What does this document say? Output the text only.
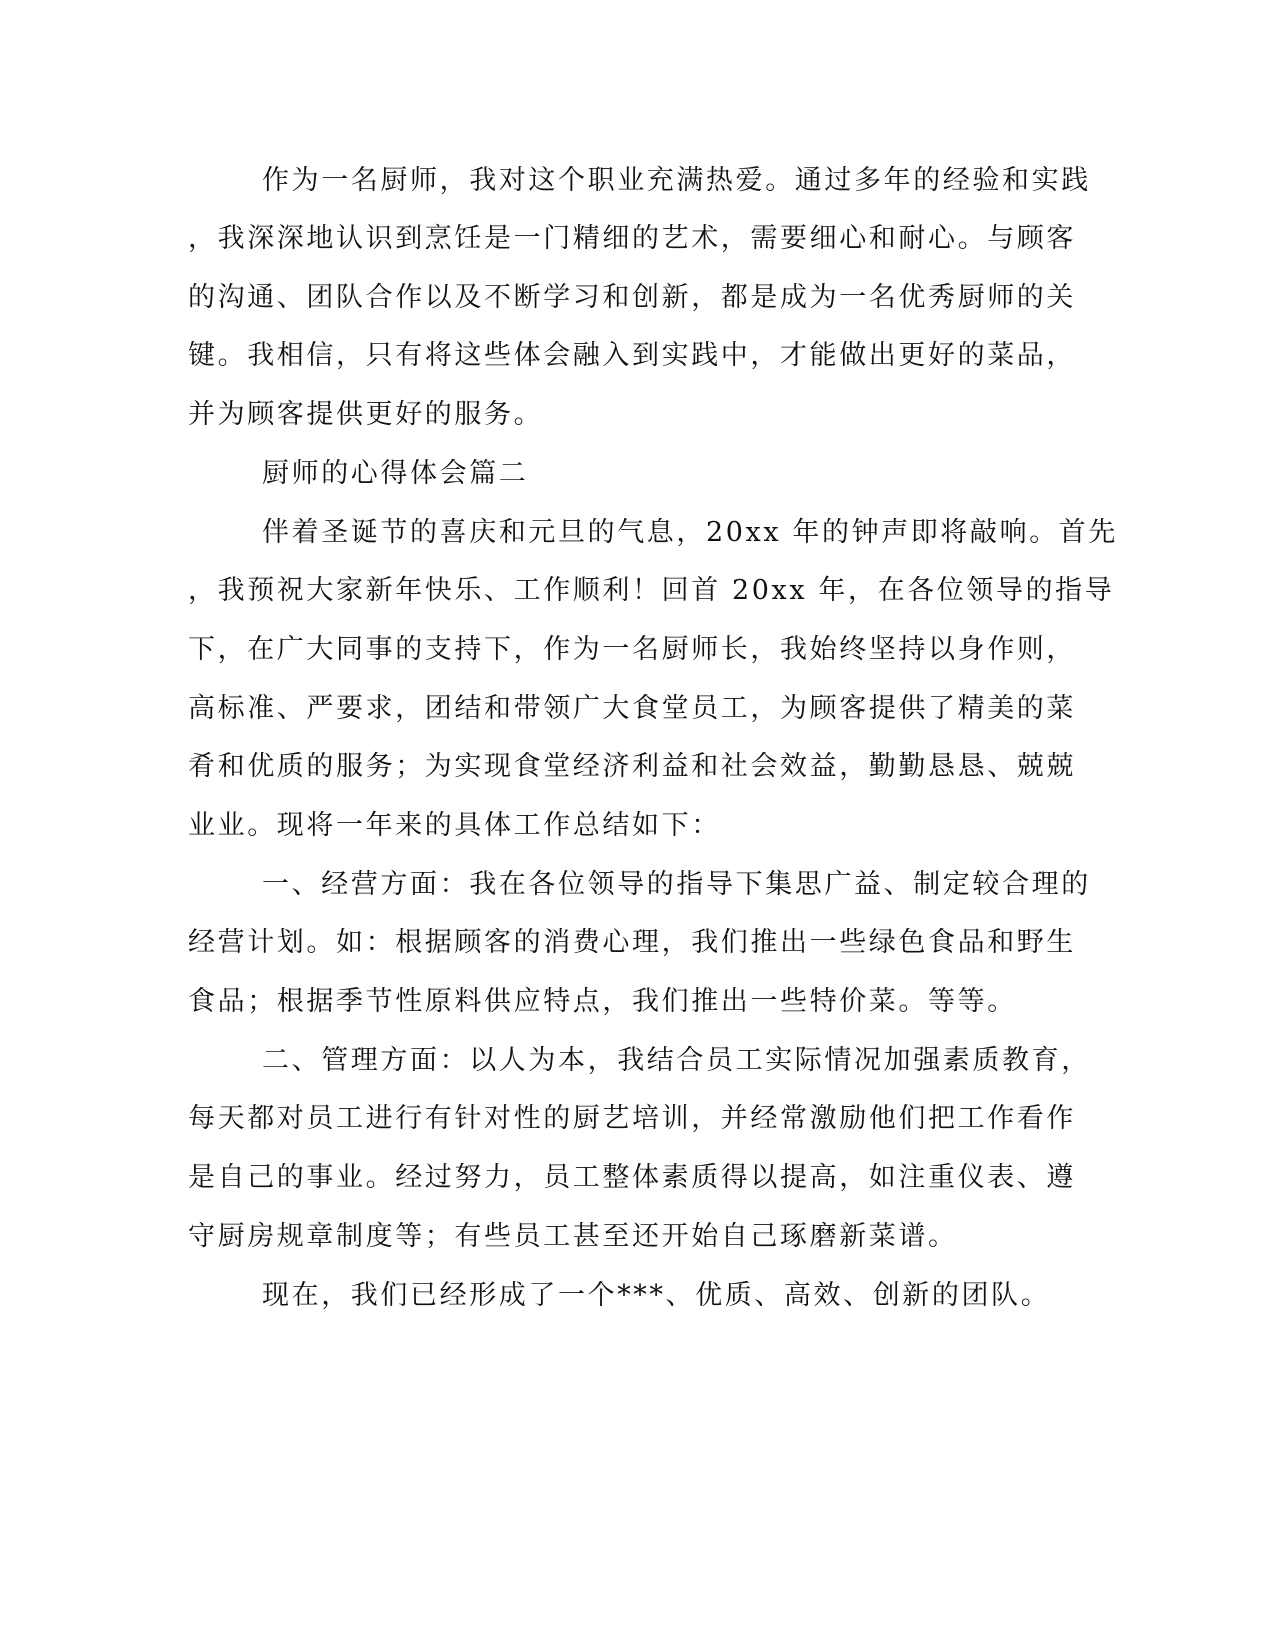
作为一名厨师，我对这个职业充满热爱。通过多年的经验和实践
，我深深地认识到烹饪是一门精细的艺术，需要细心和耐心。与顾客
的沟通、团队合作以及不断学习和创新，都是成为一名优秀厨师的关
键。我相信，只有将这些体会融入到实践中，才能做出更好的菜品，
并为顾客提供更好的服务。
厨师的心得体会篇二
伴着圣诞节的喜庆和元旦的气息，20xx 年的钟声即将敲响。首先
，我预祝大家新年快乐、工作顺利！回首 20xx 年，在各位领导的指导
下，在广大同事的支持下，作为一名厨师长，我始终坚持以身作则，
高标准、严要求，团结和带领广大食堂员工，为顾客提供了精美的菜
肴和优质的服务；为实现食堂经济利益和社会效益，勤勤恳恳、兢兢
业业。现将一年来的具体工作总结如下：
一、经营方面：我在各位领导的指导下集思广益、制定较合理的
经营计划。如：根据顾客的消费心理，我们推出一些绿色食品和野生
食品；根据季节性原料供应特点，我们推出一些特价菜。等等。
二、管理方面：以人为本，我结合员工实际情况加强素质教育，
每天都对员工进行有针对性的厨艺培训，并经常激励他们把工作看作
是自己的事业。经过努力，员工整体素质得以提高，如注重仪表、遵
守厨房规章制度等；有些员工甚至还开始自己琢磨新菜谱。
现在，我们已经形成了一个***、优质、高效、创新的团队。
